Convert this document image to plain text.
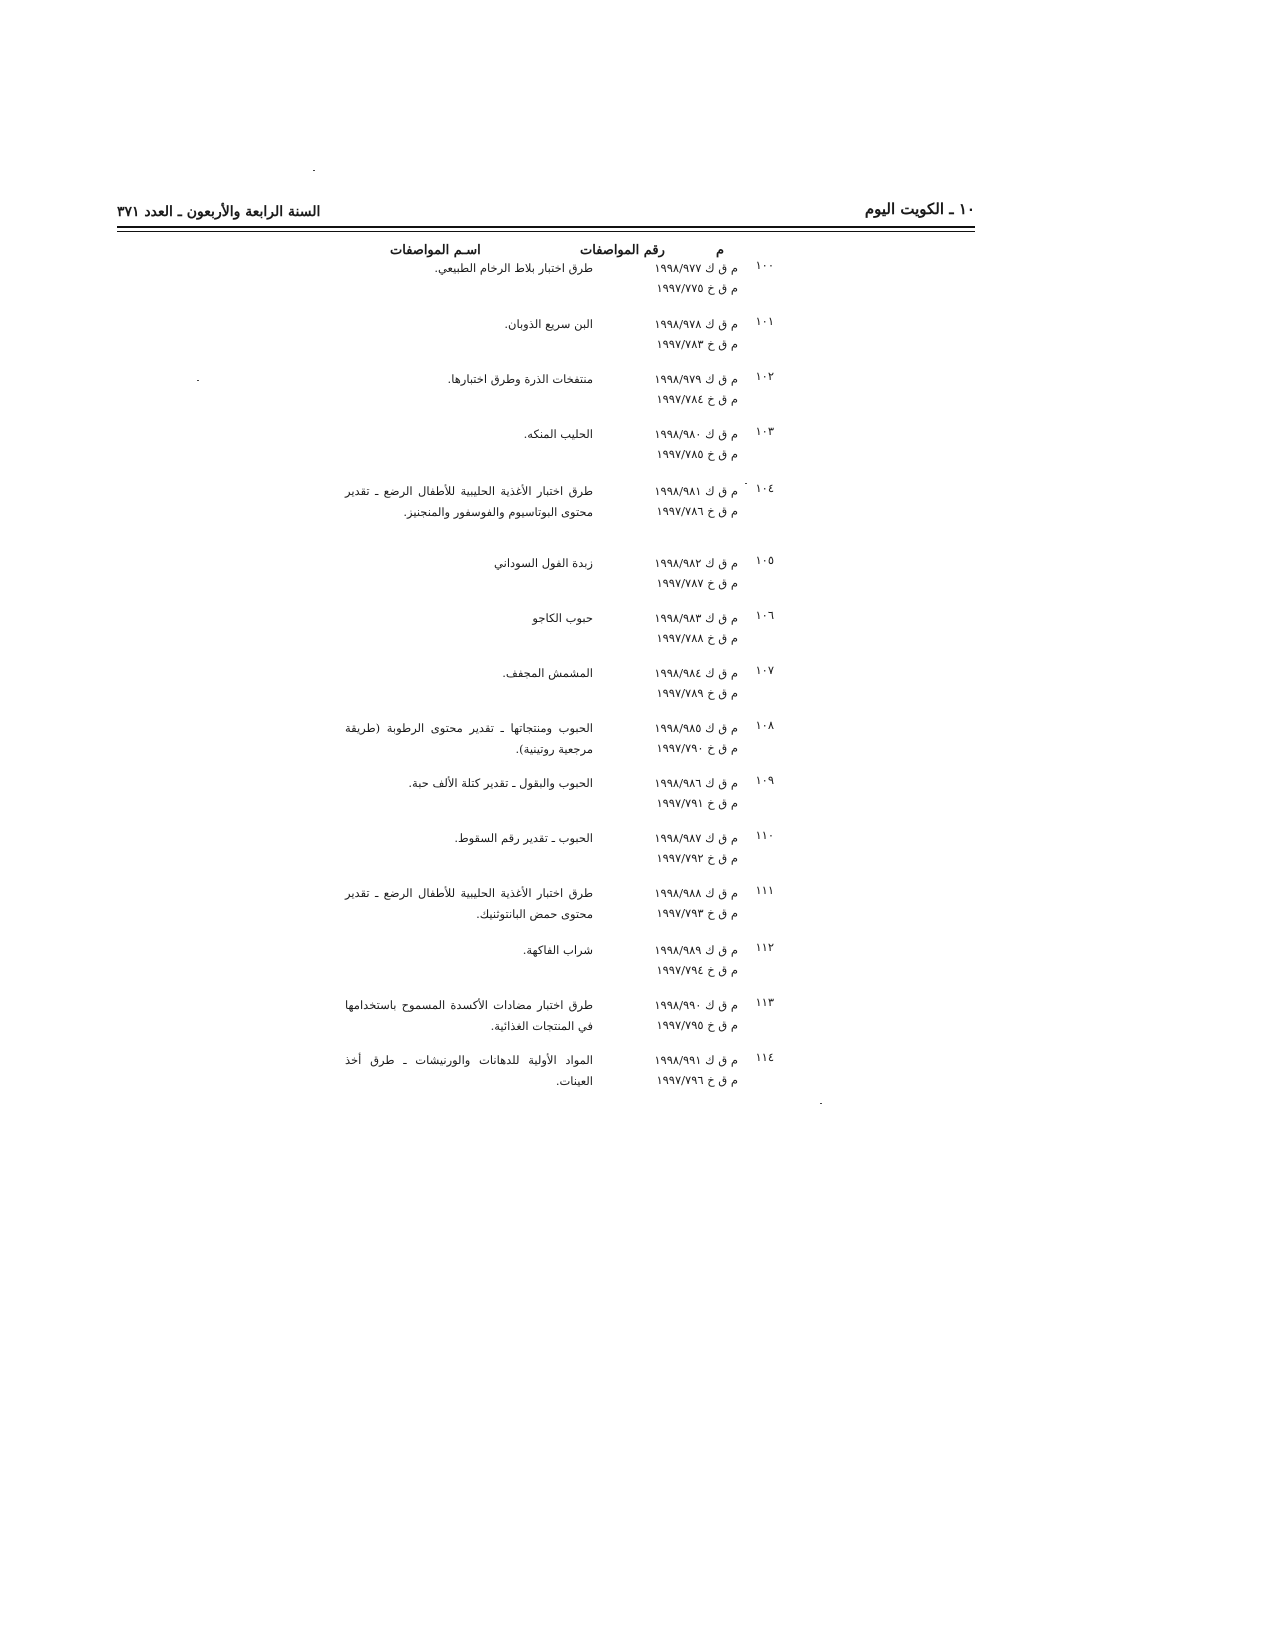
السنة الرابعة والأربعون ـ العدد ٣٧١	١٠ ـ الكويت اليوم
م
رقم المواصفات
اسـم المواصفات
١٠٠
م ق ك ١٩٩٨/٩٧٧
م ق خ ١٩٩٧/٧٧٥
طرق اختبار بلاط الرخام الطبيعي.
١٠١
م ق ك ١٩٩٨/٩٧٨
م ق خ ١٩٩٧/٧٨٣
البن سريع الذوبان.
١٠٢
م ق ك ١٩٩٨/٩٧٩
م ق خ ١٩٩٧/٧٨٤
منتفخات الذرة وطرق اختبارها.
١٠٣
م ق ك ١٩٩٨/٩٨٠
م ق خ ١٩٩٧/٧٨٥
الحليب المنكه.
١٠٤
م ق ك ١٩٩٨/٩٨١
م ق خ ١٩٩٧/٧٨٦
طرق اختبار الأغذية الحليبية للأطفال الرضع ـ تقدير محتوى البوتاسيوم والفوسفور والمنجنيز.
١٠٥
م ق ك ١٩٩٨/٩٨٢
م ق خ ١٩٩٧/٧٨٧
زبدة الفول السوداني
١٠٦
م ق ك ١٩٩٨/٩٨٣
م ق خ ١٩٩٧/٧٨٨
حبوب الكاجو
١٠٧
م ق ك ١٩٩٨/٩٨٤
م ق خ ١٩٩٧/٧٨٩
المشمش المجفف.
١٠٨
م ق ك ١٩٩٨/٩٨٥
م ق خ ١٩٩٧/٧٩٠
الحبوب ومنتجاتها ـ تقدير محتوى الرطوبة (طريقة مرجعية روتينية).
١٠٩
م ق ك ١٩٩٨/٩٨٦
م ق خ ١٩٩٧/٧٩١
الحبوب والبقول ـ تقدير كتلة الألف حبة.
١١٠
م ق ك ١٩٩٨/٩٨٧
م ق خ ١٩٩٧/٧٩٢
الحبوب ـ تقدير رقم السقوط.
١١١
م ق ك ١٩٩٨/٩٨٨
م ق خ ١٩٩٧/٧٩٣
طرق اختبار الأغذية الحليبية للأطفال الرضع ـ تقدير محتوى حمض البانتوثنيك.
١١٢
م ق ك ١٩٩٨/٩٨٩
م ق خ ١٩٩٧/٧٩٤
شراب الفاكهة.
١١٣
م ق ك ١٩٩٨/٩٩٠
م ق خ ١٩٩٧/٧٩٥
طرق اختبار مضادات الأكسدة المسموح باستخدامها في المنتجات الغذائية.
١١٤
م ق ك ١٩٩٨/٩٩١
م ق خ ١٩٩٧/٧٩٦
المواد الأولية للدهانات والورنيشات ـ طرق أخذ العينات.
